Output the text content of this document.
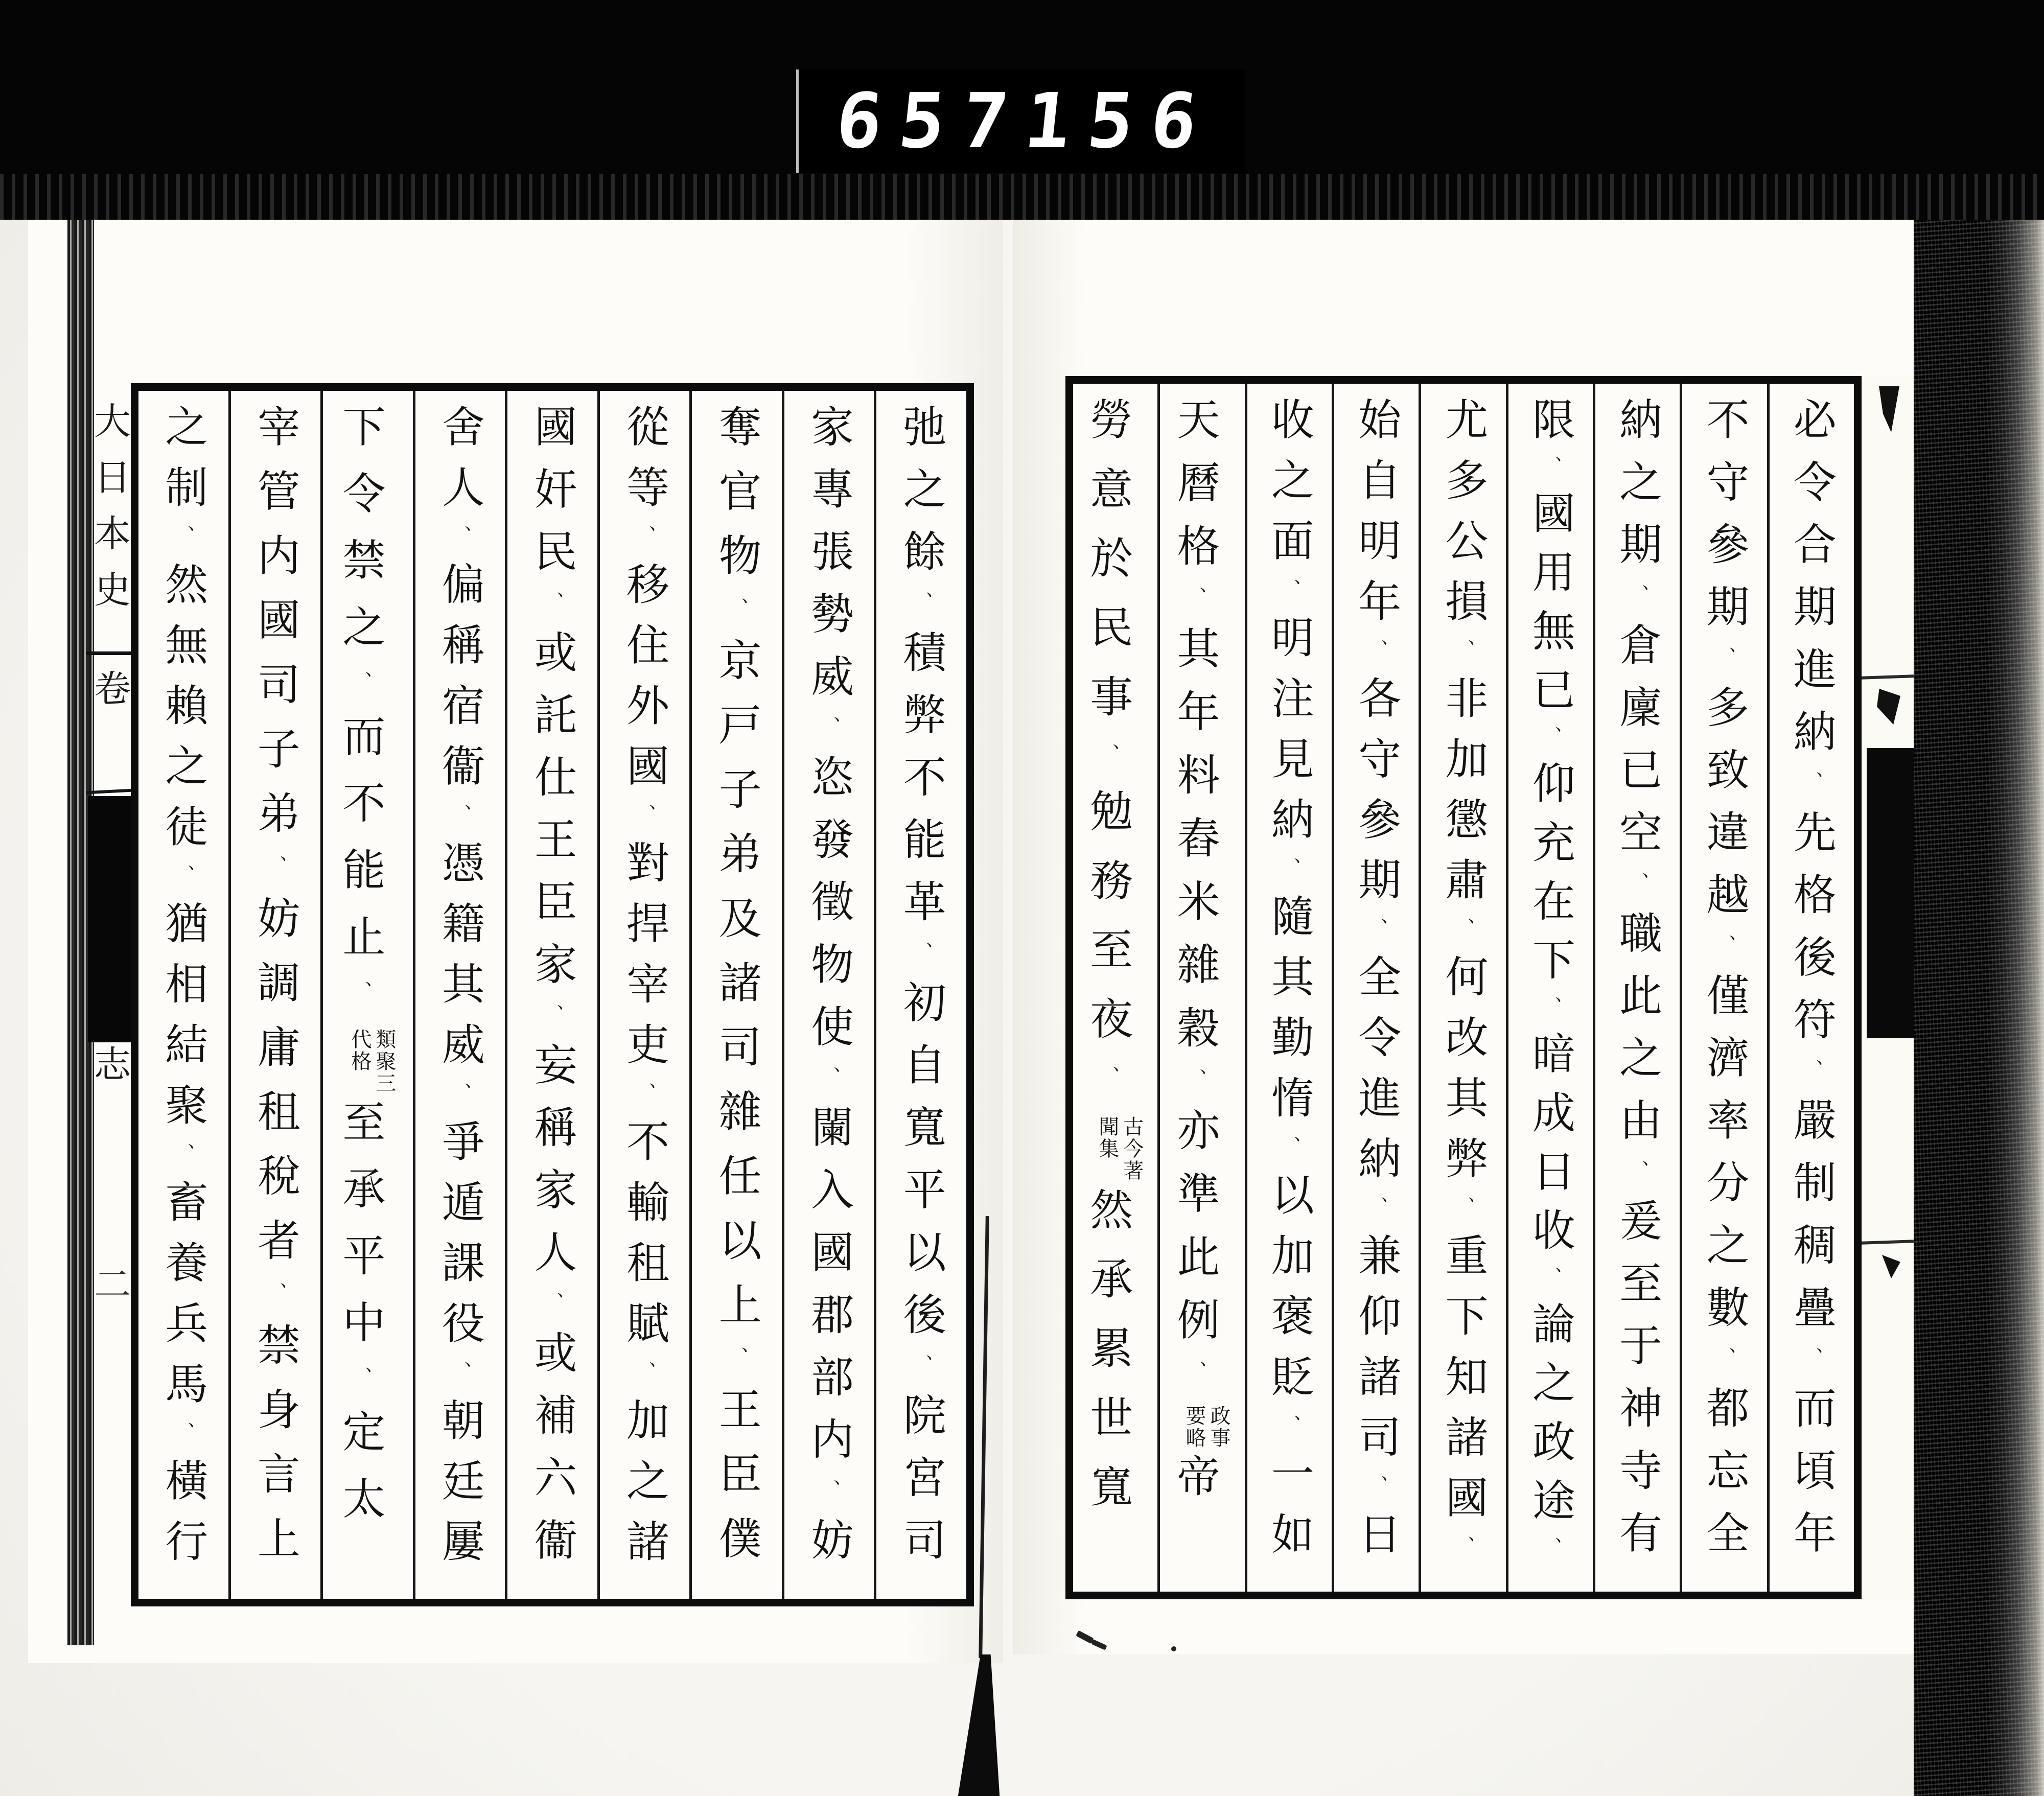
大日本史
卷
志
二
必令合期進納、先格後符、嚴制稠疊、而頃年
不守參期、多致違越、僅濟率分之數、都忘全
納之期、倉廩已空、職此之由、爰至于神寺有
限、國用無已、仰充在下、暗成日收、論之政途、
尤多公損、非加懲肅、何改其弊、重下知諸國、
始自明年、各守參期、全令進納、兼仰諸司、日
收之面、明注見納、隨其勤惰、以加褒貶、一如
天曆格、其年料舂米雜穀、亦準此例、
政事
要略
帝
勞意於民事、勉務至夜、
古今著
聞集
然承累世寬
弛之餘、積弊不能革、初自寬平以後、院宮司
家專張勢威、恣發徵物使、闌入國郡部内、妨
奪官物、京戸子弟及諸司雜任以上、王臣僕
從等、移住外國、對捍宰吏、不輸租賦、加之諸
國奸民、或託仕王臣家、妄稱家人、或補六衞
舍人、偏稱宿衞、憑籍其威、爭遁課役、朝廷屢
下令禁之、而不能止、
類聚三
代格
至承平中、定太
宰管内國司子弟、妨調庸租稅者、禁身言上
之制、然無賴之徒、猶相結聚、畜養兵馬、橫行
657
156
